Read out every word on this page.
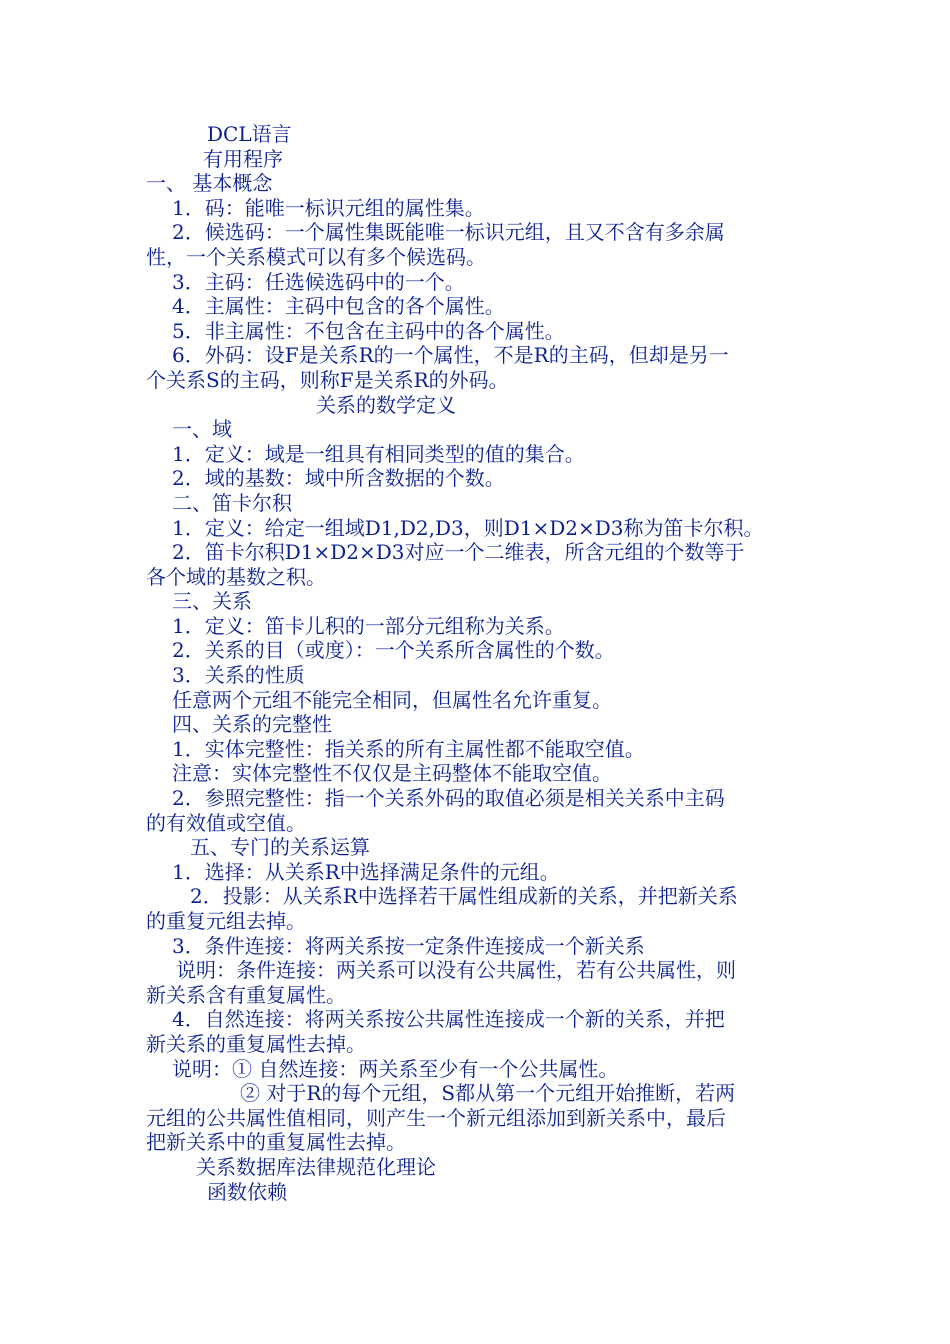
DCL语言
有用程序
一、 基本概念
1．码：能唯一标识元组的属性集。
2．候选码：一个属性集既能唯一标识元组，且又不含有多余属
性，一个关系模式可以有多个候选码。
3．主码：任选候选码中的一个。
4．主属性：主码中包含的各个属性。
5．非主属性：不包含在主码中的各个属性。
6．外码：设F是关系R的一个属性，不是R的主码，但却是另一
个关系S的主码，则称F是关系R的外码。
关系的数学定义
一、域
1．定义：域是一组具有相同类型的值的集合。
2．域的基数：域中所含数据的个数。
二、笛卡尔积
1．定义：给定一组域D1,D2,D3，则D1×D2×D3称为笛卡尔积。
2．笛卡尔积D1×D2×D3对应一个二维表，所含元组的个数等于
各个域的基数之积。
三、关系
1．定义：笛卡儿积的一部分元组称为关系。
2．关系的目（或度）：一个关系所含属性的个数。
3．关系的性质
任意两个元组不能完全相同，但属性名允许重复。
四、关系的完整性
1．实体完整性：指关系的所有主属性都不能取空值。
注意：实体完整性不仅仅是主码整体不能取空值。
2．参照完整性：指一个关系外码的取值必须是相关关系中主码
的有效值或空值。
五、专门的关系运算
1．选择：从关系R中选择满足条件的元组。
2．投影：从关系R中选择若干属性组成新的关系，并把新关系
的重复元组去掉。
3．条件连接：将两关系按一定条件连接成一个新关系
说明：条件连接：两关系可以没有公共属性，若有公共属性，则
新关系含有重复属性。
4．自然连接：将两关系按公共属性连接成一个新的关系，并把
新关系的重复属性去掉。
说明：① 自然连接：两关系至少有一个公共属性。
② 对于R的每个元组，S都从第一个元组开始推断，若两
元组的公共属性值相同，则产生一个新元组添加到新关系中，最后
把新关系中的重复属性去掉。
关系数据库法律规范化理论
函数依赖
